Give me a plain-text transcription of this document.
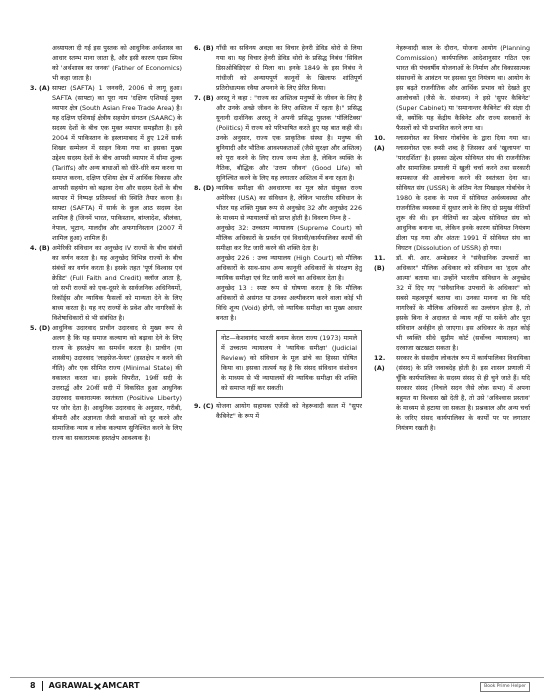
अध्यायला दी गई इस पुस्तक को आधुनिक अर्थशास्त्र का आधार स्तम्भ माना जाता है, और इसी कारण एडम स्मिथ को 'अर्थशास्त्र का जनक' (Father of Economics) भी कहा जाता है।

3. (A) साफ्टा (SAFTA) 1 जनवरी, 2006 से लागू हुआ। SAFTA (साफ्टा) का पूरा नाम 'दक्षिण एशियाई मुक्त व्यापार क्षेत्र (South Asian Free Trade Area) है। यह दक्षिण एशियाई क्षेत्रीय सहयोग संगठन (SAARC) के सदस्य देशों के बीच एक मुक्त व्यापार समझौता है। इसे 2004 में पाकिस्तान के इस्लामाबाद में हुए 12वें सार्क शिखर सम्मेलन में साइन किया गया था इसका मुख्य उद्देश्य सदस्य देशों के बीच आपसी व्यापार में सीमा शुल्क (Tariffs) और अन्य बाधाओं को धीरे-धीरे कम करना या समाप्त करना, दक्षिण एशिया क्षेत्र में आर्थिक विकास और आपसी सहयोग को बढ़ावा देना और सदस्य देशों के बीच व्यापार में निष्पक्ष प्रतिस्पर्धा की स्थिति तैयार करना है। साफ्टा (SAFTA) में सार्क के कुल आठ सदस्य देश शामिल है (जिनमें भारत, पाकिस्तान, बांग्लादेश, श्रीलंका, नेपाल, भूटान, मालदीव और अफगानिस्तान (2007 में शामिल हुआ) शामिल हैं।
4. (B) अमेरिकी संविधान का अनुच्छेद IV राज्यों के बीच संबंधों का वर्णन करता है। यह अनुच्छेद विभिन्न राज्यों के बीच संबंधों का वर्णन करता है। इसके तहत 'पूर्ण विश्वास एवं क्रेडिट' (Full Faith and Credit) क्लॉज आता है, जो सभी राज्यों को एक-दूसरे के सार्वजनिक अधिनियमों, रिकॉर्ड्स और न्यायिक फैसलों को मान्यता देने के लिए बाध्य करता है। यह नए राज्यों के प्रवेश और नागरिकों के विशेषाधिकारों से भी संबंधित है।
5. (D) आधुनिक उदारवाद प्राचीन उदारवाद से मुख्य रूप से अलग है कि यह समाज कल्याण को बढ़ावा देने के लिए राज्य के हस्तक्षेप का समर्थन करता है। प्राचीन (या शास्त्रीय) उदारवाद 'लाइसेज-फेयर' (हस्तक्षेप न करने की नीति) और एक सीमित राज्य (Minimal State) की वकालत करता था। इसके विपरीत, 19वीं सदी के उत्तरार्द्ध और 20वीं सदी में विकसित हुआ आधुनिक उदारवाद सकारात्मक स्वतंत्रता (Positive Liberty) पर जोर देता है। आधुनिक उदारवाद के अनुसार, गरीबी, बीमारी और अज्ञानता जैसी बाधाओं को दूर करने और सामाजिक न्याय व लोक कल्याण सुनिश्चित करने के लिए राज्य का सकारात्मक हस्तक्षेप आवश्यक है।
6. (B) गाँधी का सविनय अवज्ञा का विचार हेनरी डेविड थोरो से लिया गया था। यह विचार हेनरी डेविड थोरो के प्रसिद्ध निबंध 'सिविल डिसओबिडिएंस' से मिला था। इनके 1849 के इस निबंध ने गांधीजी को अन्यायपूर्ण कानूनों के खिलाफ शांतिपूर्ण प्रतिरोधात्मक रवैया अपनाने के लिए प्रेरित किया।
7. (B) अरस्तू ने कहा : "राज्य का अस्तित्व मनुष्यों के जीवन के लिए है और उनके अच्छे जीवन के लिए अस्तित्व में रहता है।" प्रसिद्ध यूनानी दार्शनिक अरस्तू ने अपनी प्रसिद्ध पुस्तक 'पॉलिटिक्स' (Politics) में राज्य को परिभाषित करते हुए यह बात कही थी। उनके अनुसार, राज्य एक प्राकृतिक संस्था है। मनुष्य की बुनियादी और भौतिक आवश्यकताओं (जैसे सुरक्षा और अस्तित्व) को पूरा करने के लिए राज्य जन्म लेता है, लेकिन व्यक्ति के नैतिक, बौद्धिक और 'उत्तम जीवन' (Good Life) को सुनिश्चित करने के लिए यह लगातार अस्तित्व में बना रहता है।
8. (D) न्यायिक समीक्षा की अवधारणा का मूल स्रोत संयुक्त राज्य अमेरिका (USA) का संविधान है, लेकिन भारतीय संविधान के भीतर यह शक्ति मुख्य रूप से अनुच्छेद 32 और अनुच्छेद 226 के माध्यम से न्यायालयों को प्राप्त होती है। विवरण निम्न है -

अनुच्छेद 32: उच्चतम न्यायालय (Supreme Court) को मौलिक अधिकारों के प्रवर्तन एवं विधायी/कार्यपालिका कार्यों की समीक्षा कर रिट जारी करने की शक्ति देता है।

अनुच्छेद 226 : उच्च न्यायालय (High Court) को मौलिक अधिकारों के साथ-साथ अन्य कानूनी अधिकारों के संरक्षण हेतु न्यायिक समीक्षा एवं रिट जारी करने का अधिकार देता है।

अनुच्छेद 13 : स्पष्ट रूप से घोषणा करता है कि मौलिक अधिकारों से असंगत या उनका अल्पीकरण करने वाला कोई भी विधि शून्य (Void) होगी, जो न्यायिक समीक्षा का मुख्य आधार बनता है।

नोट—केशवानंद भारती बनाम केरल राज्य (1973) मामले में उच्चतम न्यायालय ने 'न्यायिक समीक्षा' (Judicial Review) को संविधान के मूल ढांचे का हिस्सा घोषित किया था। इसका तात्पर्य यह है कि संसद संविधान संशोधन के माध्यम से भी न्यायालयों की न्यायिक समीक्षा की शक्ति को समाप्त नहीं कर सकती।

9. (C) योजना आयोग सहायक एजेंसी को नेहरूवादी काल में "सुपर कैबिनेट" के रूप में

नेहरूवादी काल के दौरान, योजना आयोग (Planning Commission) कार्यपालिक आदेशानुसार गठित एक भारत की पंचवर्षीय योजनाओं के निर्माण और विकासात्मक संसाधनों के आवंटन पर इसका पूरा नियंत्रण था। आयोग के इस बढ़ते राजनीतिक और आर्थिक प्रभाव को देखते हुए आलोचकों (जैसे के. संथानम) ने इसे 'सुपर कैबिनेट' (Super Cabinet) या 'समानान्तर कैबिनेट' की संज्ञा दी थी, क्योंकि यह केंद्रीय कैबिनेट और राज्य सरकारों के फैसलों को भी प्रभावित करने लगा था।

10. (A)
ग्लासनोस्त का विचार गोर्बाचेव के द्वारा दिया गया था। ग्लासनोस्त एक रूसी शब्द है जिसका अर्थ 'खुलापन' या 'पारदर्शिता' है। इसका उद्देश्य सोवियत संघ की राजनीतिक और सामाजिक प्रणाली में खुली चर्चा करने तथा सरकारी कामकाज की आलोचना करने की स्वतंत्रता देना था। सोवियत संघ (USSR) के अंतिम नेता मिखाइल गोर्बाचेव ने 1980 के दशक के मध्य में सोवियत अर्थव्यवस्था और राजनीतिक व्यवस्था में सुधार लाने के लिए दो प्रमुख नीतियाँ शुरू की थी। इन नीतियों का उद्देश्य सोवियत संघ को आधुनिक बनाना था, लेकिन इनके कारण सोवियत नियंत्रण ढीला पड़ गया और अंततः 1991 में सोवियत संघ का विघटन (Dissolution of USSR) हो गया।
11. (B)
डॉ. बी. आर. अम्बेडकर ने "संवैधानिक उपचारों का अधिकार" मौलिक अधिकार को संविधान का 'हृदय और आत्मा' बताया था। उन्होंने भारतीय संविधान के अनुच्छेद 32 में दिए गए "संवैधानिक उपचारों के अधिकार" को सबसे महत्वपूर्ण बताया था। उनका मानना था कि यदि नागरिकों के मौलिक अधिकारों का उल्लंघन होता है, तो इसके बिना वे अदालत से न्याय नहीं पा सकेंगे और पूरा संविधान अर्थहीन हो जाएगा। इस अधिकार के तहत कोई भी व्यक्ति सीधे सुप्रीम कोर्ट (सर्वोच्च न्यायालय) का दरवाजा खटखटा सकता है।
12. (A)
सरकार के संसदीय लोकतंत्र रूप में कार्यपालिका विधायिका (संसद) के प्रति जवाबदेह होती है। इस शासन प्रणाली में चूँकि कार्यपालिका के सदस्य संसद से ही चुने जाते हैं। यदि सरकार संसद (निचले सदन जैसे लोक सभा) में अपना बहुमत या विश्वास खो देती है, तो उसे 'अविश्वास प्रस्ताव' के माध्यम से हटाया जा सकता है। प्रश्नकाल और अन्य चर्चा के जरिए संसद कार्यपालिका के कार्यों पर पर लगातार नियंत्रण रखती है।
8 AGRAWAL AMCART	Book Prime Helper
